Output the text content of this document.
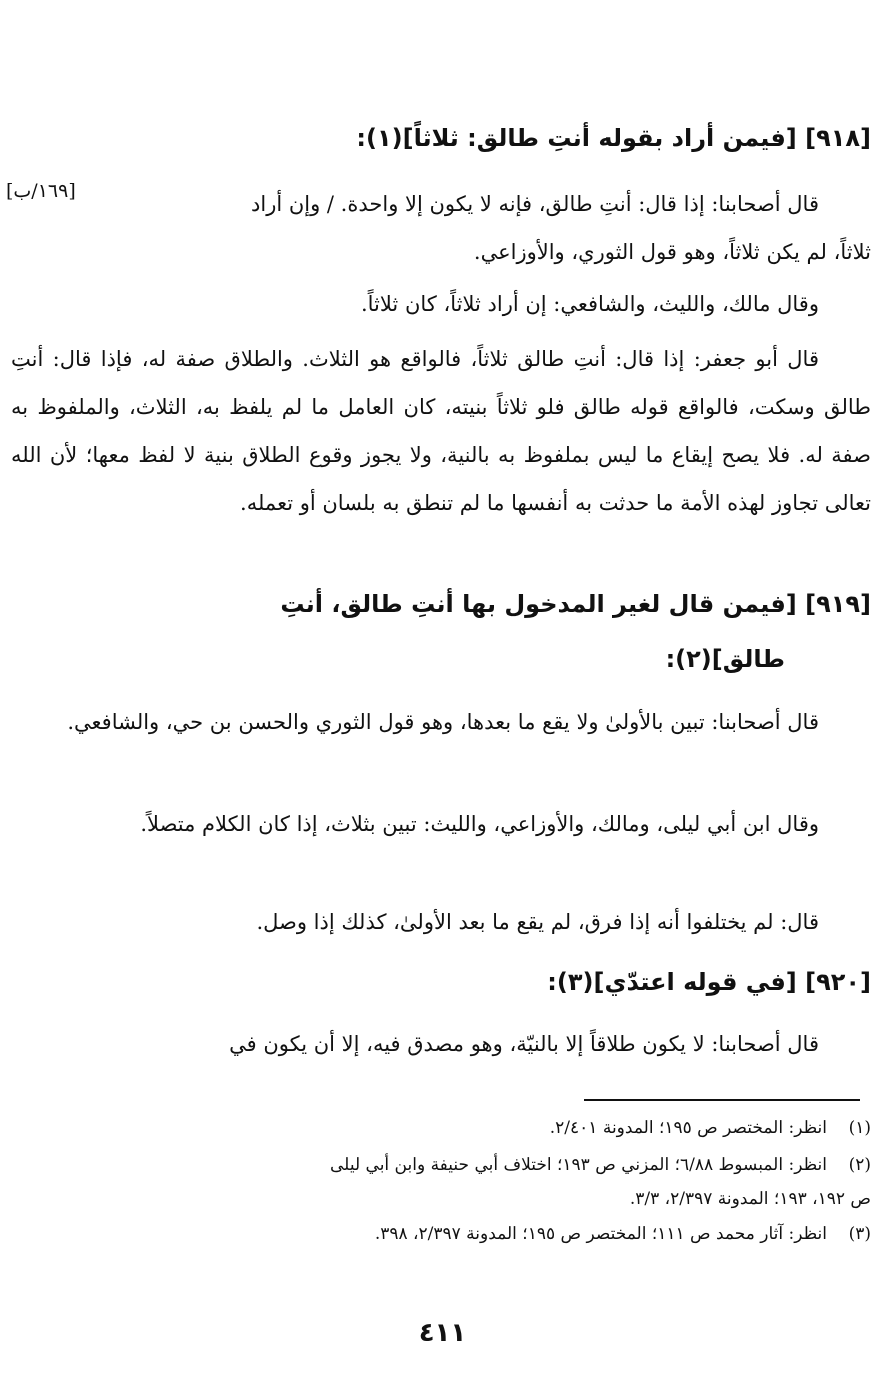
[٩١٨] [فيمن أراد بقوله أنتِ طالق: ثلاثاً](١):
[١٦٩/ب]
قال أصحابنا: إذا قال: أنتِ طالق، فإنه لا يكون إلا واحدة. / وإن أراد
ثلاثاً، لم يكن ثلاثاً، وهو قول الثوري، والأوزاعي.
وقال مالك، والليث، والشافعي: إن أراد ثلاثاً، كان ثلاثاً.
قال أبو جعفر: إذا قال: أنتِ طالق ثلاثاً، فالواقع هو الثلاث. والطلاق صفة له، فإذا قال: أنتِ طالق وسكت، فالواقع قوله طالق فلو ثلاثاً بنيته، كان العامل ما لم يلفظ به، الثلاث، والملفوظ به صفة له. فلا يصح إيقاع ما ليس بملفوظ به بالنية، ولا يجوز وقوع الطلاق بنية لا لفظ معها؛ لأن الله تعالى تجاوز لهذه الأمة ما حدثت به أنفسها ما لم تنطق به بلسان أو تعمله.
[٩١٩] [فيمن قال لغير المدخول بها أنتِ طالق، أنتِ
طالق](٢):
قال أصحابنا: تبين بالأولىٰ ولا يقع ما بعدها، وهو قول الثوري والحسن بن حي، والشافعي.
وقال ابن أبي ليلى، ومالك، والأوزاعي، والليث: تبين بثلاث، إذا كان الكلام متصلاً.
قال: لم يختلفوا أنه إذا فرق، لم يقع ما بعد الأولىٰ، كذلك إذا وصل.
[٩٢٠] [في قوله اعتدّي](٣):
قال أصحابنا: لا يكون طلاقاً إلا بالنيّة، وهو مصدق فيه، إلا أن يكون في
(١)انظر: المختصر ص ١٩٥؛ المدونة ٢/٤٠١.
(٢)انظر: المبسوط ٦/٨٨؛ المزني ص ١٩٣؛ اختلاف أبي حنيفة وابن أبي ليلى
ص ١٩٢، ١٩٣؛ المدونة ٢/٣٩٧، ٣/٣.
(٣)انظر: آثار محمد ص ١١١؛ المختصر ص ١٩٥؛ المدونة ٢/٣٩٧، ٣٩٨.
٤١١
